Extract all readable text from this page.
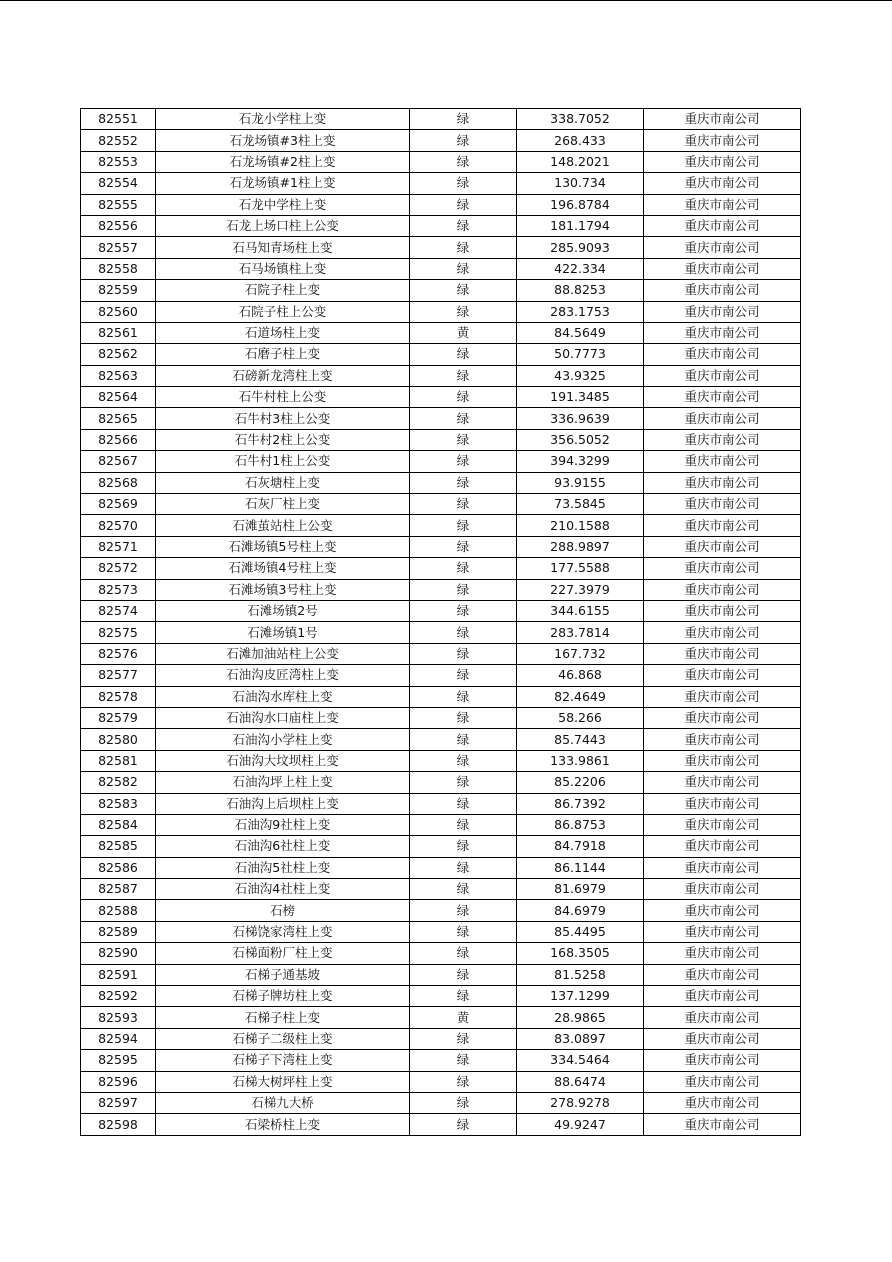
82551	石龙小学柱上变	绿	338.7052	重庆市南公司
82552	石龙场镇#3柱上变	绿	268.433	重庆市南公司
82553	石龙场镇#2柱上变	绿	148.2021	重庆市南公司
82554	石龙场镇#1柱上变	绿	130.734	重庆市南公司
82555	石龙中学柱上变	绿	196.8784	重庆市南公司
82556	石龙上场口柱上公变	绿	181.1794	重庆市南公司
82557	石马知青场柱上变	绿	285.9093	重庆市南公司
82558	石马场镇柱上变	绿	422.334	重庆市南公司
82559	石院子柱上变	绿	88.8253	重庆市南公司
82560	石院子柱上公变	绿	283.1753	重庆市南公司
82561	石道场柱上变	黄	84.5649	重庆市南公司
82562	石磨子柱上变	绿	50.7773	重庆市南公司
82563	石磅新龙湾柱上变	绿	43.9325	重庆市南公司
82564	石牛村柱上公变	绿	191.3485	重庆市南公司
82565	石牛村3柱上公变	绿	336.9639	重庆市南公司
82566	石牛村2柱上公变	绿	356.5052	重庆市南公司
82567	石牛村1柱上公变	绿	394.3299	重庆市南公司
82568	石灰塘柱上变	绿	93.9155	重庆市南公司
82569	石灰厂柱上变	绿	73.5845	重庆市南公司
82570	石滩茧站柱上公变	绿	210.1588	重庆市南公司
82571	石滩场镇5号柱上变	绿	288.9897	重庆市南公司
82572	石滩场镇4号柱上变	绿	177.5588	重庆市南公司
82573	石滩场镇3号柱上变	绿	227.3979	重庆市南公司
82574	石滩场镇2号	绿	344.6155	重庆市南公司
82575	石滩场镇1号	绿	283.7814	重庆市南公司
82576	石滩加油站柱上公变	绿	167.732	重庆市南公司
82577	石油沟皮匠湾柱上变	绿	46.868	重庆市南公司
82578	石油沟水库柱上变	绿	82.4649	重庆市南公司
82579	石油沟水口庙柱上变	绿	58.266	重庆市南公司
82580	石油沟小学柱上变	绿	85.7443	重庆市南公司
82581	石油沟大坟坝柱上变	绿	133.9861	重庆市南公司
82582	石油沟坪上柱上变	绿	85.2206	重庆市南公司
82583	石油沟上后坝柱上变	绿	86.7392	重庆市南公司
82584	石油沟9社柱上变	绿	86.8753	重庆市南公司
82585	石油沟6社柱上变	绿	84.7918	重庆市南公司
82586	石油沟5社柱上变	绿	86.1144	重庆市南公司
82587	石油沟4社柱上变	绿	81.6979	重庆市南公司
82588	石榜	绿	84.6979	重庆市南公司
82589	石梯饶家湾柱上变	绿	85.4495	重庆市南公司
82590	石梯面粉厂柱上变	绿	168.3505	重庆市南公司
82591	石梯子通基坡	绿	81.5258	重庆市南公司
82592	石梯子牌坊柱上变	绿	137.1299	重庆市南公司
82593	石梯子柱上变	黄	28.9865	重庆市南公司
82594	石梯子二级柱上变	绿	83.0897	重庆市南公司
82595	石梯子下湾柱上变	绿	334.5464	重庆市南公司
82596	石梯大树坪柱上变	绿	88.6474	重庆市南公司
82597	石梯九大桥	绿	278.9278	重庆市南公司
82598	石梁桥柱上变	绿	49.9247	重庆市南公司
